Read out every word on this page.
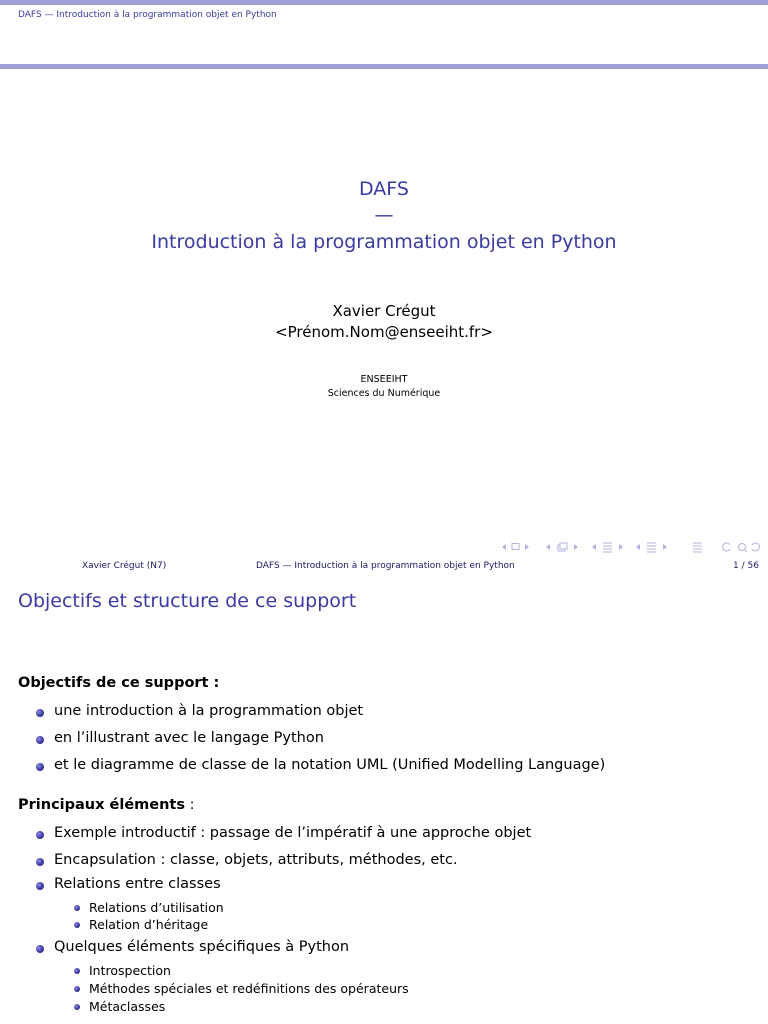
DAFS — Introduction à la programmation objet en Python
DAFS
—
Introduction à la programmation objet en Python
Xavier Crégut
<Prénom.Nom@enseeiht.fr>
ENSEEIHT
Sciences du Numérique
Xavier Crégut (N7)	DAFS — Introduction à la programmation objet en Python	1 / 56
Objectifs et structure de ce support
Objectifs de ce support :
une introduction à la programmation objet
en l’illustrant avec le langage Python
et le diagramme de classe de la notation UML (Unified Modelling Language)
Principaux éléments :
Exemple introductif : passage de l’impératif à une approche objet
Encapsulation : classe, objets, attributs, méthodes, etc.
Relations entre classes
Relations d’utilisation
Relation d’héritage
Quelques éléments spécifiques à Python
Introspection
Méthodes spéciales et redéfinitions des opérateurs
Métaclasses
